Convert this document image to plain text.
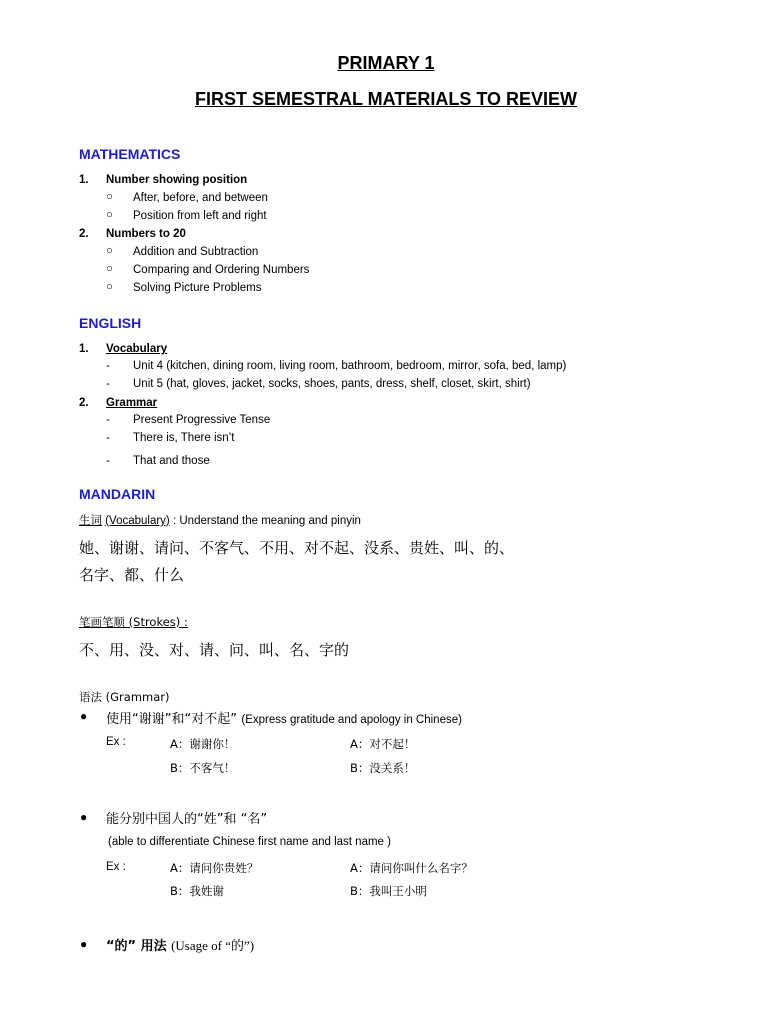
PRIMARY 1
FIRST SEMESTRAL MATERIALS TO REVIEW
MATHEMATICS
1. Number showing position
○ After, before, and between
○ Position from left and right
2. Numbers to 20
○ Addition and Subtraction
○ Comparing and Ordering Numbers
○ Solving Picture Problems
ENGLISH
1. Vocabulary
- Unit 4 (kitchen, dining room, living room, bathroom, bedroom, mirror, sofa, bed, lamp)
- Unit 5 (hat, gloves, jacket, socks, shoes, pants, dress, shelf, closet, skirt, shirt)
2. Grammar
- Present Progressive Tense
- There is, There isn’t
- That and those
MANDARIN
生词 (Vocabulary) : Understand the meaning and pinyin
她、谢谢、请问、不客气、不用、对不起、没系、贵姓、叫、的、
名字、都、什么
笔画笔顺 (Strokes) :
不、用、没、对、请、问、叫、名、字的
语法 (Grammar)
● 使用“谢谢”和“对不起” (Express gratitude and apology in Chinese)
Ex :	A：谢谢你！	A：对不起！
B：不客气！	B：没关系！
● 能分别中国人的“姓”和 “名”
(able to differentiate Chinese first name and last name )
Ex :	A：请问你贵姓？	A：请问你叫什么名字？
B：我姓谢	B：我叫王小明
● “的” 用法 (Usage of “的”)
